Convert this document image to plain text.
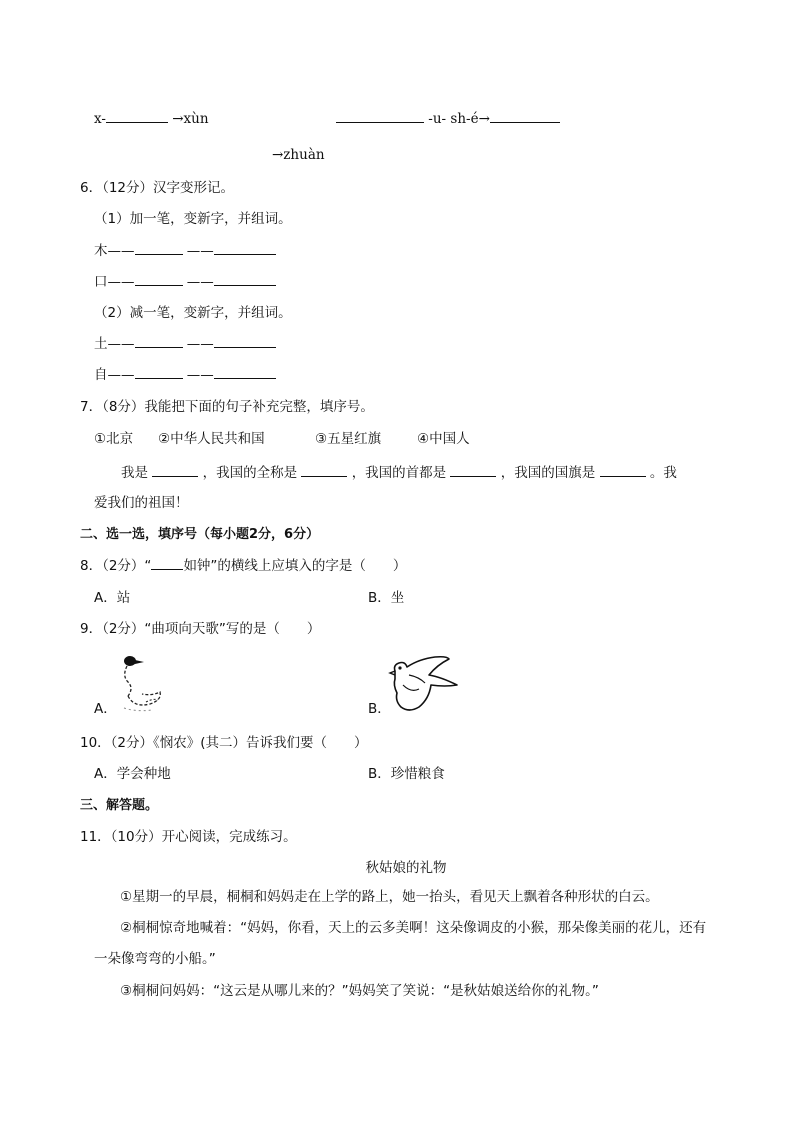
x-	→xùn	-u- sh-é→
→zhuàn
6．（12分）汉字变形记。
（1）加一笔，变新字，并组词。
木——	——
口——	——
（2）减一笔，变新字，并组词。
土——	——
自——	——
7．（8分）我能把下面的句子补充完整，填序号。
①北京 ②中华人民共和国	③五星红旗	④中国人
我是	，我国的全称是	，我国的首都是	，我国的国旗是	。我
爱我们的祖国！
二、选一选，填序号（每小题2分，6分）
8．（2分）“ 如钟”的横线上应填入的字是（　　）
A．站	B．坐
9．（2分）“曲项向天歌”写的是（　　）
A．	B．
10．（2分）《悯农》(其二）告诉我们要（　　）
A．学会种地	B．珍惜粮食
三、解答题。
11．（10分）开心阅读，完成练习。
秋姑娘的礼物
①星期一的早晨，桐桐和妈妈走在上学的路上，她一抬头，看见天上飘着各种形状的白云。
②桐桐惊奇地喊着：“妈妈，你看，天上的云多美啊！这朵像调皮的小猴，那朵像美丽的花儿，还有一朵像弯弯的小船。”
③桐桐问妈妈：“这云是从哪儿来的？”妈妈笑了笑说：“是秋姑娘送给你的礼物。”
